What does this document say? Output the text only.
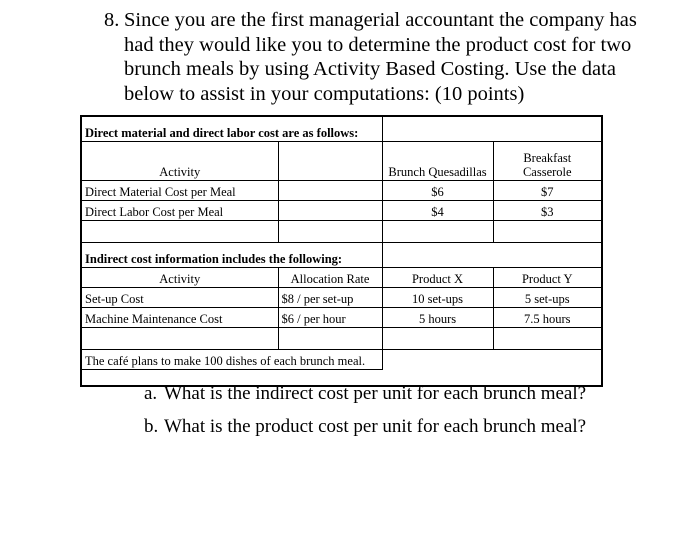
8. Since you are the first managerial accountant the company has had they would like you to determine the product cost for two brunch meals by using Activity Based Costing. Use the data below to assist in your computations: (10 points)
Direct material and direct labor cost are as follows:			
Activity		Brunch Quesadillas	Breakfast
Casserole
Direct Material Cost per Meal		$6	$7
Direct Labor Cost per Meal		$4	$3

Indirect cost information includes the following:			
Activity	Allocation Rate	Product X	Product Y
Set-up Cost	$8 / per set-up	10 set-ups	5 set-ups
Machine Maintenance Cost	$6 / per hour	5 hours	7.5 hours

The café plans to make 100 dishes of each brunch meal.			

a. What is the indirect cost per unit for each brunch meal?
b. What is the product cost per unit for each brunch meal?
